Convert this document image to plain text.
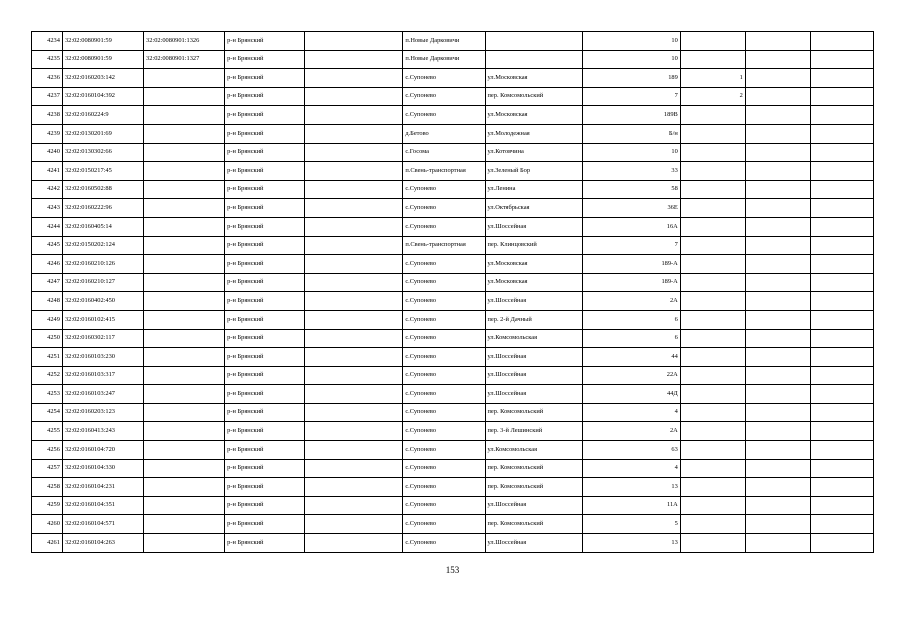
4234	32:02:0080901:59	32:02:0080901:1326	р-н Брянский		п.Новые Дарковичи		10			
4235	32:02:0080901:59	32:02:0080901:1327	р-н Брянский		п.Новые Дарковичи		10			
4236	32:02:0160203:142		р-н Брянский		с.Супонево	ул.Московская	189	1		
4237	32:02:0160104:392		р-н Брянский		с.Супонево	пер. Комсомольский	7	2		
4238	32:02:0160224:9		р-н Брянский		с.Супонево	ул.Московская	189В			
4239	32:02:0130201:69		р-н Брянский		д.Бетово	ул.Молодежная	Б/н			
4240	32:02:0130302:66		р-н Брянский		с.Госома	ул.Котовчина	10			
4241	32:02:0150217:45		р-н Брянский		п.Свень-транспортная	ул.Зеленый Бор	33			
4242	32:02:0160502:88		р-н Брянский		с.Супонево	ул.Ленина	58			
4243	32:02:0160222:96		р-н Брянский		с.Супонево	ул.Октябрьская	36Е			
4244	32:02:0160405:14		р-н Брянский		с.Супонево	ул.Шоссейная	16А			
4245	32:02:0150202:124		р-н Брянский		п.Свень-транспортная	пер. Клинцовский	7			
4246	32:02:0160210:126		р-н Брянский		с.Супонево	ул.Московская	189-А			
4247	32:02:0160210:127		р-н Брянский		с.Супонево	ул.Московская	189-А			
4248	32:02:0160402:450		р-н Брянский		с.Супонево	ул.Шоссейная	2А			
4249	32:02:0160102:415		р-н Брянский		с.Супонево	пер. 2-й Дачный	6			
4250	32:02:0160302:117		р-н Брянский		с.Супонево	ул.Комсомольская	6			
4251	32:02:0160103:230		р-н Брянский		с.Супонево	ул.Шоссейная	44			
4252	32:02:0160103:317		р-н Брянский		с.Супонево	ул.Шоссейная	22А			
4253	32:02:0160103:247		р-н Брянский		с.Супонево	ул.Шоссейная	44Д			
4254	32:02:0160203:123		р-н Брянский		с.Супонево	пер. Комсомольский	4			
4255	32:02:0160413:243		р-н Брянский		с.Супонево	пер. 3-й Лешинский	2А			
4256	32:02:0160104:720		р-н Брянский		с.Супонево	ул.Комсомольская	63			
4257	32:02:0160104:330		р-н Брянский		с.Супонево	пер. Комсомольский	4			
4258	32:02:0160104:231		р-н Брянский		с.Супонево	пер. Комсомольский	13			
4259	32:02:0160104:351		р-н Брянский		с.Супонево	ул.Шоссейная	11А			
4260	32:02:0160104:571		р-н Брянский		с.Супонево	пер. Комсомольский	5			
4261	32:02:0160104:263		р-н Брянский		с.Супонево	ул.Шоссейная	13			
153
